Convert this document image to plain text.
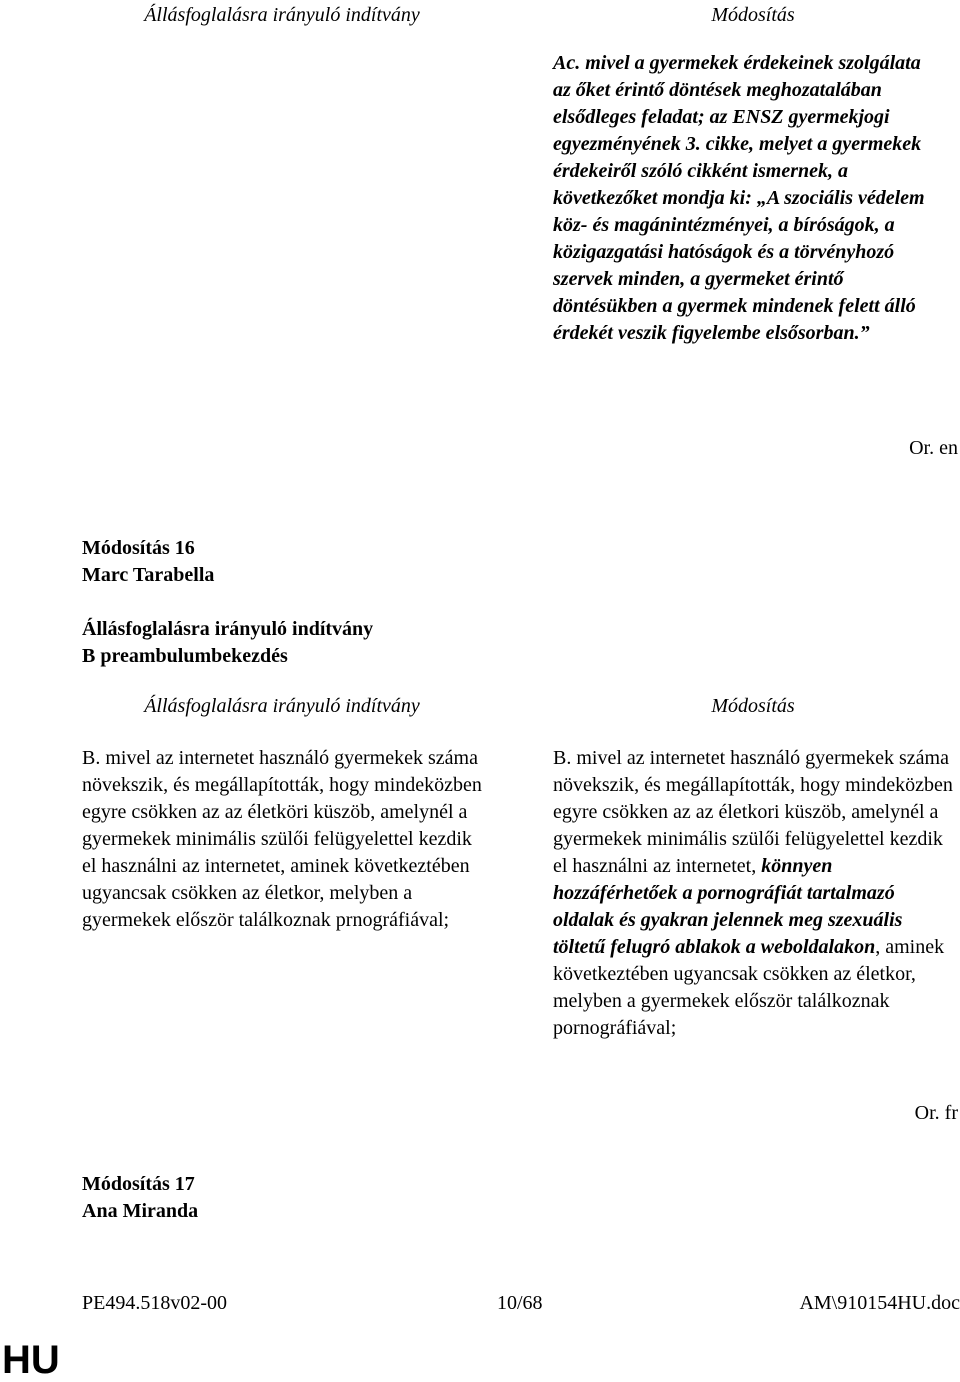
Állásfoglalásra irányuló indítvány	Módosítás

Ac. mivel a gyermekek érdekeinek szolgálata az őket érintő döntések meghozatalában elsődleges feladat; az ENSZ gyermekjogi egyezményének 3. cikke, melyet a gyermekek érdekeiről szóló cikként ismernek, a következőket mondja ki: „A szociális védelem köz- és magánintézményei, a bíróságok, a közigazgatási hatóságok és a törvényhozó szervek minden, a gyermeket érintő döntésükben a gyermek mindenek felett álló érdekét veszik figyelembe elsősorban.”

Or. en
Módosítás 16
Marc Tarabella
Állásfoglalásra irányuló indítvány
B preambulumbekezdés
Állásfoglalásra irányuló indítvány	Módosítás

B. mivel az internetet használó gyermekek száma növekszik, és megállapították, hogy mindeközben egyre csökken az az életköri küszöb, amelynél a gyermekek minimális szülői felügyelettel kezdik el használni az internetet, aminek következtében ugyancsak csökken az életkor, melyben a gyermekek először találkoznak prnográfiával;

B. mivel az internetet használó gyermekek száma növekszik, és megállapították, hogy mindeközben egyre csökken az az életkori küszöb, amelynél a gyermekek minimális szülői felügyelettel kezdik el használni az internetet, könnyen hozzáférhetőek a pornográfiát tartalmazó oldalak és gyakran jelennek meg szexuális töltetű felugró ablakok a weboldalakon, aminek következtében ugyancsak csökken az életkor, melyben a gyermekek először találkoznak pornográfiával;

Or. fr
Módosítás 17
Ana Miranda
PE494.518v02-00	10/68	AM\910154HU.doc
HU
